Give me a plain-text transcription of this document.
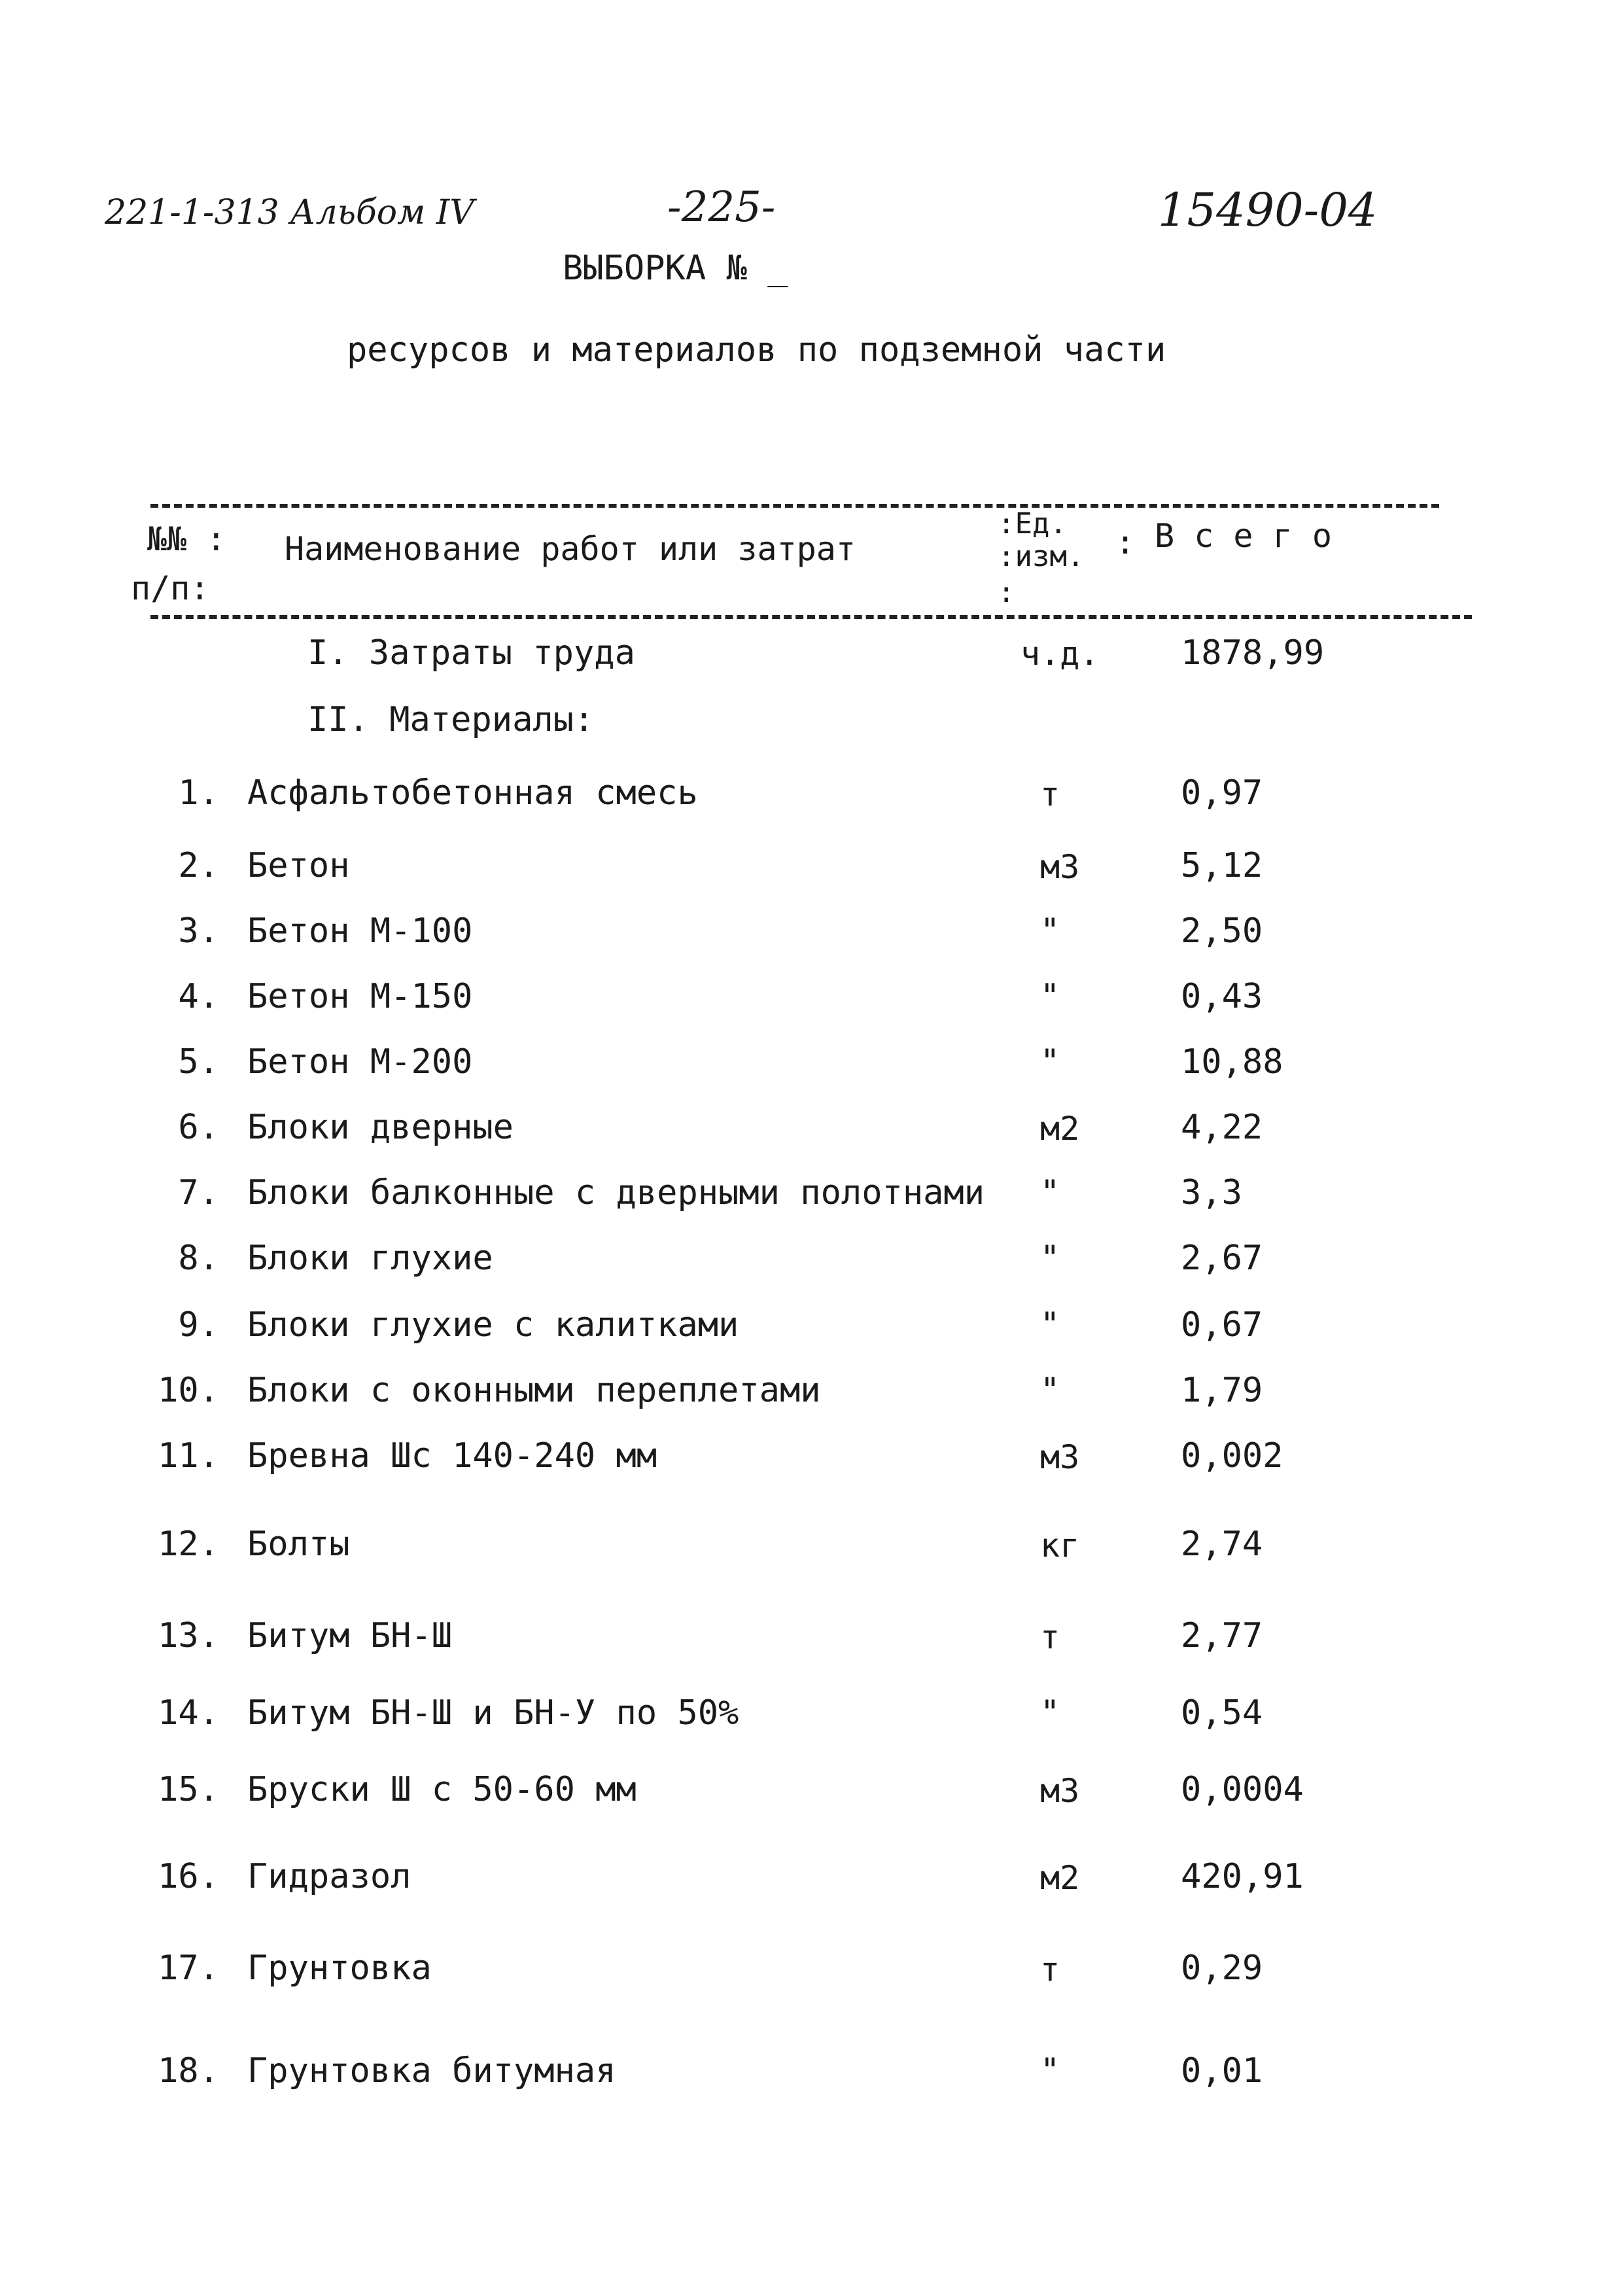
221-1-313 Альбом IV	-225-	15490-04
ВЫБОРКА № _
ресурсов и материалов по подземной части
№№ :
п/п:
Наименование работ или затрат
:Ед.
:изм.
:
: В с е г о
I. Затраты труда	ч.д. 1878,99
II. Материалы:
1. Асфальтобетонная смесь	т	0,97
2. Бетон	м3	5,12
3. Бетон М-100	"	2,50
4. Бетон М-150	"	0,43
5. Бетон М-200	"	10,88
6. Блоки дверные	м2	4,22
7. Блоки балконные с дверными полотнами "	3,3
8. Блоки глухие	"	2,67
9. Блоки глухие с калитками	"	0,67
10. Блоки с оконными переплетами	"	1,79
11. Бревна Шс 140-240 мм	м3	0,002
12. Болты	кг	2,74
13. Битум БН-Ш	т	2,77
14. Битум БН-Ш и БН-У по 50%	"	0,54
15. Бруски Ш с 50-60 мм	м3	0,0004
16. Гидразол	м2	420,91
17. Грунтовка	т	0,29
18. Грунтовка битумная	"	0,01
